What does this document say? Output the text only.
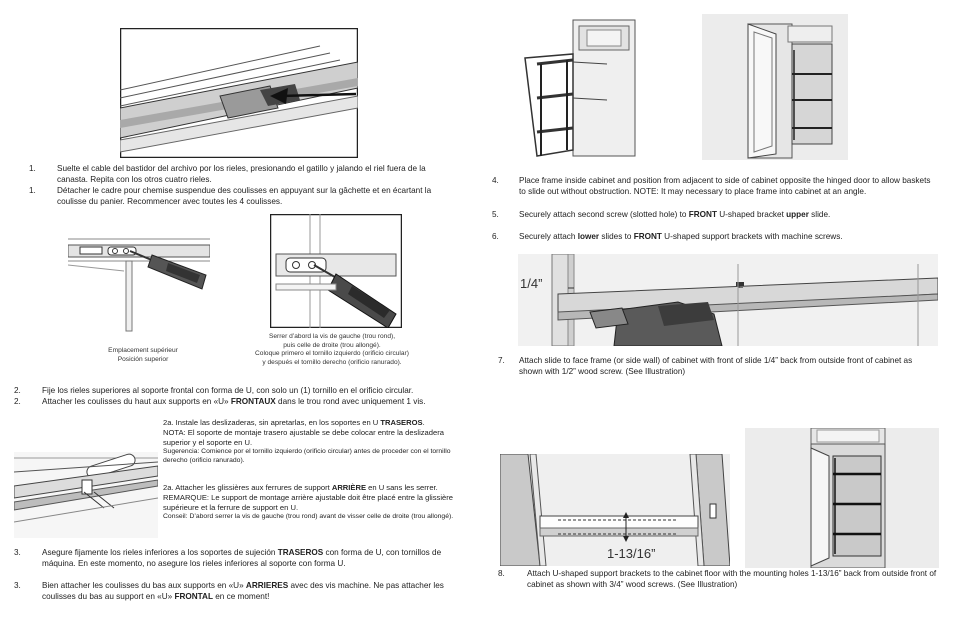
1.	Suelte el cable del bastidor del archivo por los rieles, presionando el gatillo y jalando el riel fuera de la canasta. Repita con los otros cuatro rieles.
1.	Détacher le cadre pour chemise suspendue des coulisses en appuyant sur la gâchette et en écartant la coulisse du panier. Recommencer avec toutes les 4 coulisses.
Emplacement supérieur
Posición superior
Serrer d’abord la vis de gauche (trou rond),
puis celle de droite (trou allongé).
Coloque primero el tornillo izquierdo (orificio circular)
y después el tornillo derecho (orificio ranurado).
2.	Fije los rieles superiores al soporte frontal con forma de U, con solo un (1) tornillo en el orificio circular.
2.	Attacher les coulisses du haut aux supports en «U» FRONTAUX dans le trou rond avec uniquement 1 vis.
2a. Instale las deslizaderas, sin apretarlas, en los soportes en U TRASEROS.
NOTA: El soporte de montaje trasero ajustable se debe colocar entre la deslizadera superior y el soporte en U.
Sugerencia: Comience por el tornillo izquierdo (orificio circular) antes de proceder con el tornillo derecho (orificio ranurado).
2a. Attacher les glissières aux ferrures de support ARRIÈRE en U sans les serrer.
REMARQUE: Le support de montage arrière ajustable doit être placé entre la glissière supérieure et la ferrure de support en U.
Conseil: D’abord serrer la vis de gauche (trou rond) avant de visser celle de droite (trou allongé).
3.	Asegure fijamente los rieles inferiores a los soportes de sujeción TRASEROS con forma de U, con tornillos de máquina. En este momento, no asegure los rieles inferiores al soporte con forma U.
3.	Bien attacher les coulisses du bas aux supports en «U» ARRIERES avec des vis machine. Ne pas attacher les coulisses du bas au support en «U» FRONTAL en ce moment!
4. Place frame inside cabinet and position from adjacent to side of cabinet opposite the hinged door to allow baskets to slide out without obstruction. NOTE: It may necessary to place frame into cabinet at an angle.
5. Securely attach second screw (slotted hole) to FRONT U-shaped bracket upper slide.
6. Securely attach lower slides to FRONT U-shaped support brackets with machine screws.
E
1/4”
7. Attach slide to face frame (or side wall) of cabinet with front of slide 1/4” back from outside front of cabinet as shown with 1/2” wood screw. (See Illustration)
1-13/16”
8.	Attach U-shaped support brackets to the cabinet floor with the mounting holes 1-13/16” back from outside front of cabinet as shown with 3/4” wood screws. (See Illustration)
